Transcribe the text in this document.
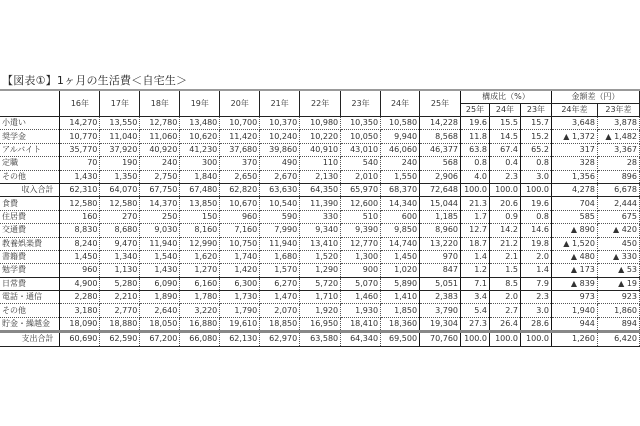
【図表①】1ヶ月の生活費＜自宅生＞
	16年	17年	18年	19年	20年	21年	22年	23年	24年	25年	構成比（%）			金額差（円）	
											25年	24年	23年	24年差	23年差
小遣い	14,270	13,550	12,780	13,480	10,700	10,370	10,980	10,350	10,580	14,228	19.6	15.5	15.7	3,648	3,878
奨学金	10,770	11,040	11,060	10,620	11,420	10,240	10,220	10,050	9,940	8,568	11.8	14.5	15.2	▲ 1,372	▲ 1,482
アルバイト	35,770	37,920	40,920	41,230	37,680	39,860	40,910	43,010	46,060	46,377	63.8	67.4	65.2	317	3,367
定職	70	190	240	300	370	490	110	540	240	568	0.8	0.4	0.8	328	28
その他	1,430	1,350	2,750	1,840	2,650	2,670	2,130	2,010	1,550	2,906	4.0	2.3	3.0	1,356	896
収入合計	62,310	64,070	67,750	67,480	62,820	63,630	64,350	65,970	68,370	72,648	100.0	100.0	100.0	4,278	6,678
食費	12,580	12,580	14,370	13,850	10,670	10,540	11,390	12,600	14,340	15,044	21.3	20.6	19.6	704	2,444
住居費	160	270	250	150	960	590	330	510	600	1,185	1.7	0.9	0.8	585	675
交通費	8,830	8,680	9,030	8,160	7,160	7,990	9,340	9,390	9,850	8,960	12.7	14.2	14.6	▲ 890	▲ 420
教養娯楽費	8,240	9,470	11,940	12,990	10,750	11,940	13,410	12,770	14,740	13,220	18.7	21.2	19.8	▲ 1,520	450
書籍費	1,450	1,340	1,540	1,620	1,740	1,680	1,520	1,300	1,450	970	1.4	2.1	2.0	▲ 480	▲ 330
勉学費	960	1,130	1,430	1,270	1,420	1,570	1,290	900	1,020	847	1.2	1.5	1.4	▲ 173	▲ 53
日常費	4,900	5,280	6,090	6,160	6,300	6,270	5,720	5,070	5,890	5,051	7.1	8.5	7.9	▲ 839	▲ 19
電話・通信	2,280	2,210	1,890	1,780	1,730	1,470	1,710	1,460	1,410	2,383	3.4	2.0	2.3	973	923
その他	3,180	2,770	2,640	3,220	1,790	2,070	1,920	1,930	1,850	3,790	5.4	2.7	3.0	1,940	1,860
貯金・繰越金	18,090	18,880	18,050	16,880	19,610	18,850	16,950	18,410	18,360	19,304	27.3	26.4	28.6	944	894
支出合計	60,690	62,590	67,200	66,080	62,130	62,970	63,580	64,340	69,500	70,760	100.0	100.0	100.0	1,260	6,420
